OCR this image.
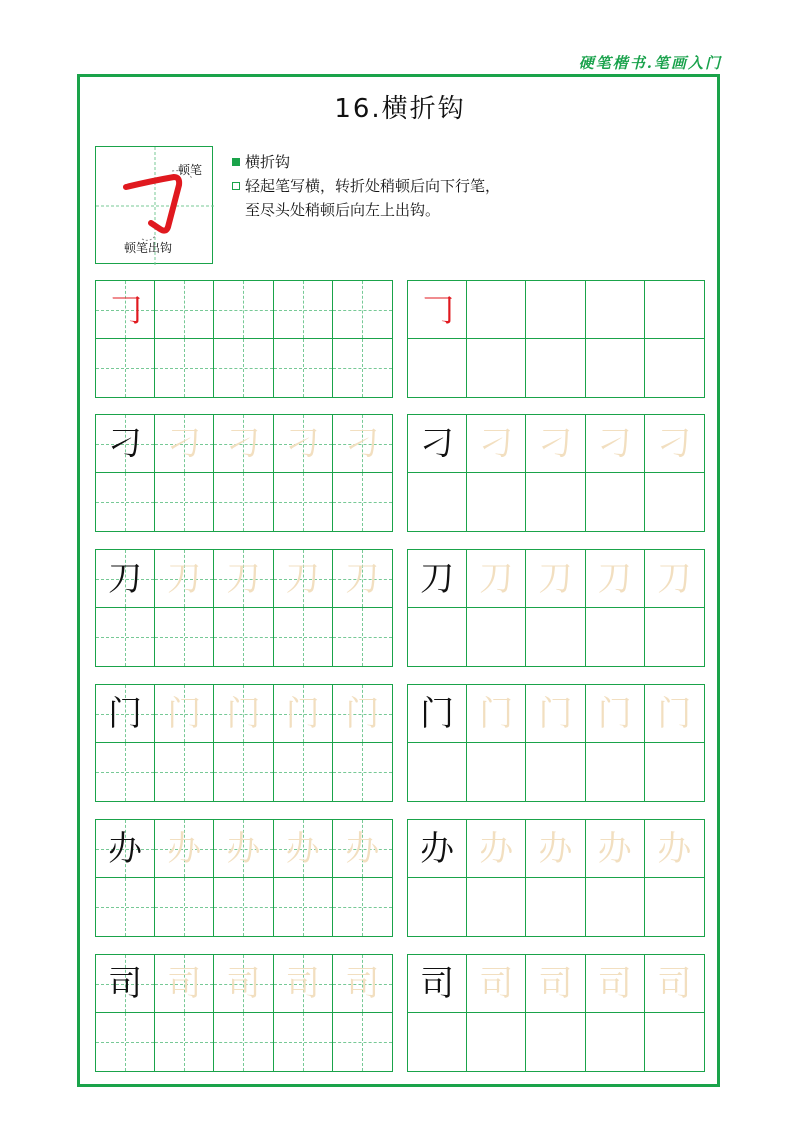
硬笔楷书.笔画入门
16.横折钩
顿笔
顿笔出钩
横折钩
轻起笔写横，转折处稍顿后向下行笔，
至尽头处稍顿后向左上出钩。
𠃌	𠃌
刁 刁 刁 刁 刁 刁 刁 刁 刁 刁
刀 刀 刀 刀 刀 刀 刀 刀 刀 刀
门 门 门 门 门 门 门 门 门 门
办 办 办 办 办 办 办 办 办 办
司 司 司 司 司 司 司 司 司 司
